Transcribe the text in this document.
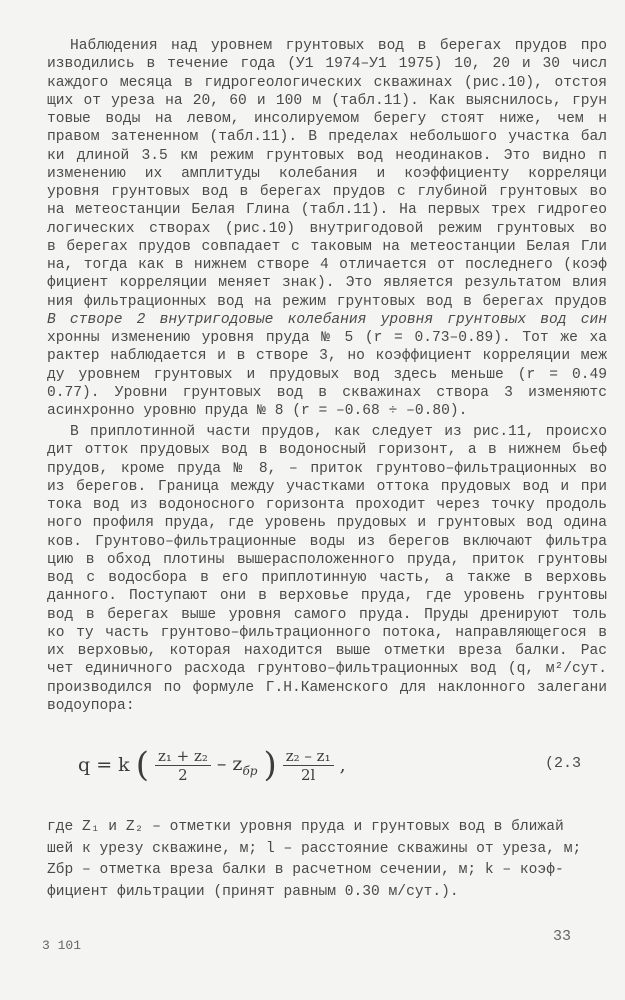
Наблюдения над уровнем грунтовых вод в берегах прудов про
изводились в течение года (У1 1974–У1 1975) 10, 20 и 30 числ
каждого месяца в гидрогеологических скважинах (рис.10), отстоя
щих от уреза на 20, 60 и 100 м (табл.11). Как выяснилось, грун
товые воды на левом, инсолируемом берегу стоят ниже, чем н
правом затененном (табл.11). В пределах небольшого участка бал
ки длиной 3.5 км режим грунтовых вод неодинаков. Это видно п
изменению их амплитуды колебания и коэффициенту корреляци
уровня грунтовых вод в берегах прудов с глубиной грунтовых во
на метеостанции Белая Глина (табл.11). На первых трех гидрогео
логических створах (рис.10) внутригодовой режим грунтовых во
в берегах прудов совпадает с таковым на метеостанции Белая Гли
на, тогда как в нижнем створе 4 отличается от последнего (коэф
фициент корреляции меняет знак). Это является результатом влия
ния фильтрационных вод на режим грунтовых вод в берегах прудов
В створе 2 внутригодовые колебания уровня грунтовых вод син
хронны изменению уровня пруда № 5 (r = 0.73–0.89). Тот же ха
рактер наблюдается и в створе 3, но коэффициент корреляции меж
ду уровнем грунтовых и прудовых вод здесь меньше (r = 0.49
0.77). Уровни грунтовых вод в скважинах створа 3 изменяютс
асинхронно уровню пруда № 8 (r = –0.68 ÷ –0.80).
В приплотинной части прудов, как следует из рис.11, происхо
дит отток прудовых вод в водоносный горизонт, а в нижнем бьеф
прудов, кроме пруда № 8, – приток грунтово–фильтрационных во
из берегов. Граница между участками оттока прудовых вод и при
тока вод из водоносного горизонта проходит через точку продоль
ного профиля пруда, где уровень прудовых и грунтовых вод одина
ков. Грунтово–фильтрационные воды из берегов включают фильтра
цию в обход плотины вышерасположенного пруда, приток грунтовы
вод с водосбора в его приплотинную часть, а также в верховь
данного. Поступают они в верховье пруда, где уровень грунтовы
вод в берегах выше уровня самого пруда. Пруды дренируют толь
ко ту часть грунтово–фильтрационного потока, направляющегося в
их верховью, которая находится выше отметки вреза балки. Рас
чет единичного расхода грунтово–фильтрационных вод (q, м²/сут.
производился по формуле Г.Н.Каменского для наклонного залегани
водоупора:
q = k ( $\frac{\text{z₁ + z₂}}{2} - z_{бр}$ ) $\frac{\text{z₂ – z₁}}{2l}$ ,	(2.3
где Z₁ и Z₂ – отметки уровня пруда и грунтовых вод в ближай
шей к урезу скважине, м; l – расстояние скважины от уреза, м;
Zбр – отметка вреза балки в расчетном сечении, м; k – коэф-
фициент фильтрации (принят равным 0.30 м/сут.).
3 101
33
